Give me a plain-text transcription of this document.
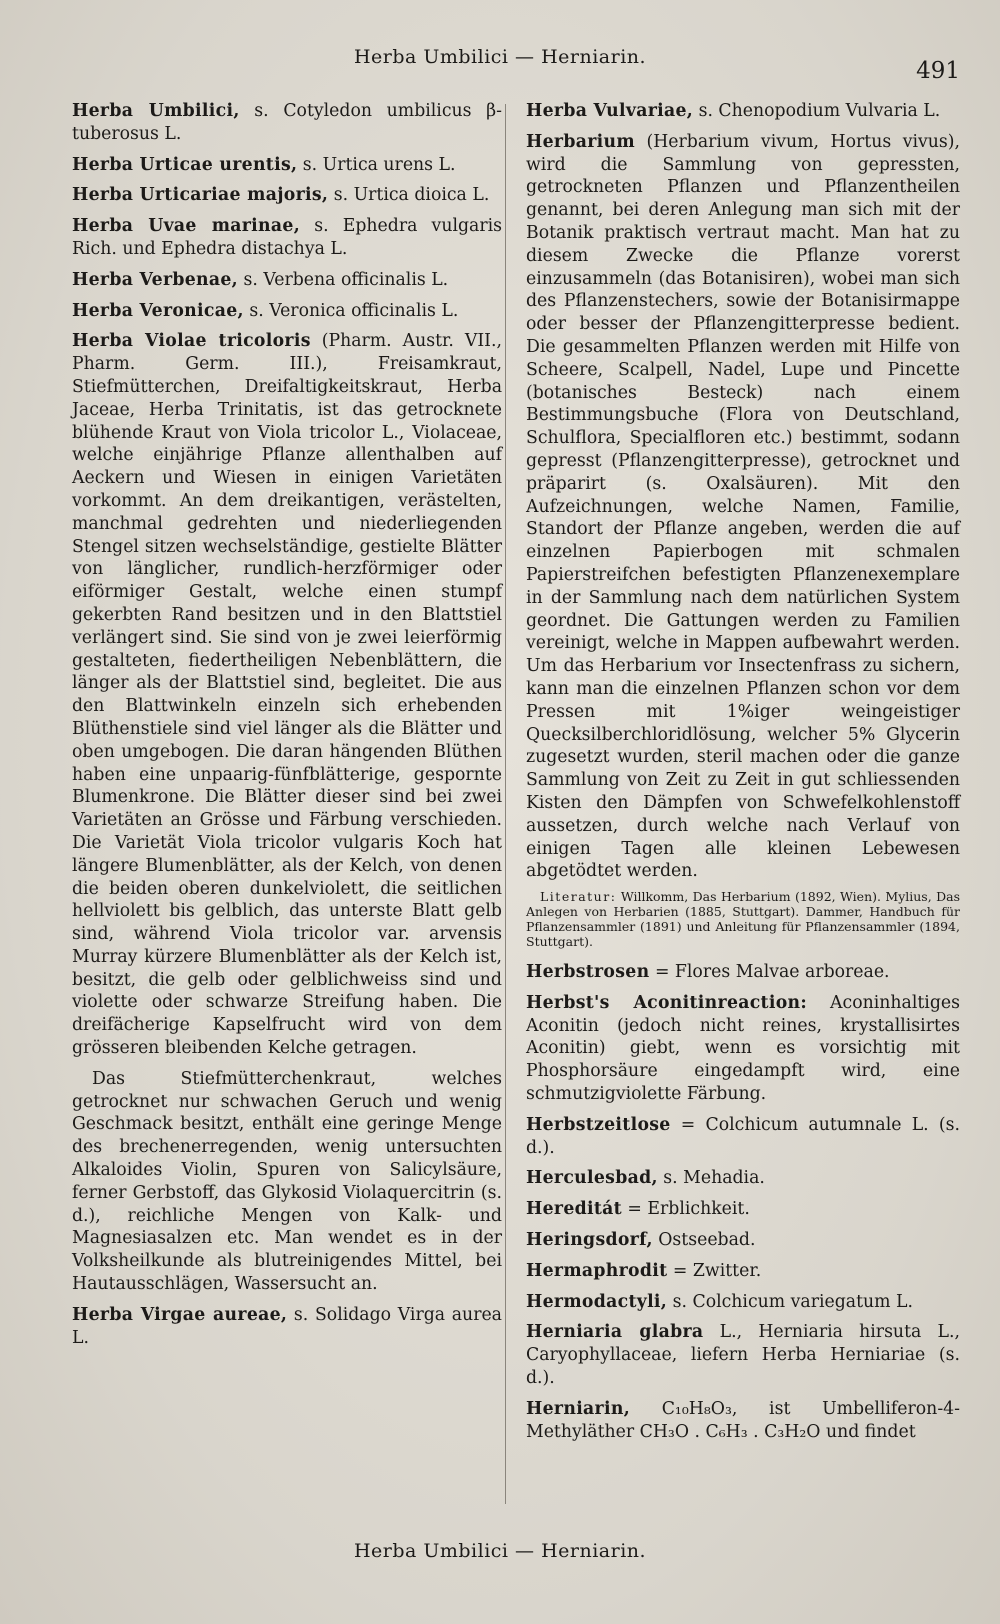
Herba Umbilici — Herniarin.
491

Herba Umbilici, s. Cotyledon umbilicus β-tuberosus L.

Herba Urticae urentis, s. Urtica urens L.

Herba Urticariae majoris, s. Urtica dioica L.

Herba Uvae marinae, s. Ephedra vulgaris Rich. und Ephedra distachya L.

Herba Verbenae, s. Verbena officinalis L.

Herba Veronicae, s. Veronica officinalis L.

Herba Violae tricoloris (Pharm. Austr. VII., Pharm. Germ. III.), Freisamkraut, Stiefmütterchen, Dreifaltigkeitskraut, Herba Jaceae, Herba Trinitatis, ist das getrocknete blühende Kraut von Viola tricolor L., Violaceae, welche einjährige Pflanze allenthalben auf Aeckern und Wiesen in einigen Varietäten vorkommt. An dem dreikantigen, verästelten, manchmal gedrehten und niederliegenden Stengel sitzen wechselständige, gestielte Blätter von länglicher, rundlich-herzförmiger oder eiförmiger Gestalt, welche einen stumpf gekerbten Rand besitzen und in den Blattstiel verlängert sind. Sie sind von je zwei leierförmig gestalteten, fiedertheiligen Nebenblättern, die länger als der Blattstiel sind, begleitet. Die aus den Blattwinkeln einzeln sich erhebenden Blüthenstiele sind viel länger als die Blätter und oben umgebogen. Die daran hängenden Blüthen haben eine unpaarig-fünfblätterige, gespornte Blumenkrone. Die Blätter dieser sind bei zwei Varietäten an Grösse und Färbung verschieden. Die Varietät Viola tricolor vulgaris Koch hat längere Blumenblätter, als der Kelch, von denen die beiden oberen dunkelviolett, die seitlichen hellviolett bis gelblich, das unterste Blatt gelb sind, während Viola tricolor var. arvensis Murray kürzere Blumenblätter als der Kelch ist, besitzt, die gelb oder gelblichweiss sind und violette oder schwarze Streifung haben. Die dreifächerige Kapselfrucht wird von dem grösseren bleibenden Kelche getragen.

Das Stiefmütterchenkraut, welches getrocknet nur schwachen Geruch und wenig Geschmack besitzt, enthält eine geringe Menge des brechenerregenden, wenig untersuchten Alkaloides Violin, Spuren von Salicylsäure, ferner Gerbstoff, das Glykosid Violaquercitrin (s. d.), reichliche Mengen von Kalk- und Magnesiasalzen etc. Man wendet es in der Volksheilkunde als blutreinigendes Mittel, bei Hautausschlägen, Wassersucht an.

Herba Virgae aureae, s. Solidago Virga aurea L.

Herba Vulvariae, s. Chenopodium Vulvaria L.

Herbarium (Herbarium vivum, Hortus vivus), wird die Sammlung von gepressten, getrockneten Pflanzen und Pflanzentheilen genannt, bei deren Anlegung man sich mit der Botanik praktisch vertraut macht. Man hat zu diesem Zwecke die Pflanze vorerst einzusammeln (das Botanisiren), wobei man sich des Pflanzenstechers, sowie der Botanisirmappe oder besser der Pflanzengitterpresse bedient. Die gesammelten Pflanzen werden mit Hilfe von Scheere, Scalpell, Nadel, Lupe und Pincette (botanisches Besteck) nach einem Bestimmungsbuche (Flora von Deutschland, Schulflora, Specialfloren etc.) bestimmt, sodann gepresst (Pflanzengitterpresse), getrocknet und präparirt (s. Oxalsäuren). Mit den Aufzeichnungen, welche Namen, Familie, Standort der Pflanze angeben, werden die auf einzelnen Papierbogen mit schmalen Papierstreifchen befestigten Pflanzenexemplare in der Sammlung nach dem natürlichen System geordnet. Die Gattungen werden zu Familien vereinigt, welche in Mappen aufbewahrt werden. Um das Herbarium vor Insectenfrass zu sichern, kann man die einzelnen Pflanzen schon vor dem Pressen mit 1%iger weingeistiger Quecksilberchloridlösung, welcher 5% Glycerin zugesetzt wurden, steril machen oder die ganze Sammlung von Zeit zu Zeit in gut schliessenden Kisten den Dämpfen von Schwefelkohlenstoff aussetzen, durch welche nach Verlauf von einigen Tagen alle kleinen Lebewesen abgetödtet werden.

Literatur: Willkomm, Das Herbarium (1892, Wien). Mylius, Das Anlegen von Herbarien (1885, Stuttgart). Dammer, Handbuch für Pflanzensammler (1891) und Anleitung für Pflanzensammler (1894, Stuttgart).

Herbstrosen = Flores Malvae arboreae.

Herbst's Aconitinreaction: Aconinhaltiges Aconitin (jedoch nicht reines, krystallisirtes Aconitin) giebt, wenn es vorsichtig mit Phosphorsäure eingedampft wird, eine schmutzigviolette Färbung.

Herbstzeitlose = Colchicum autumnale L. (s. d.).

Herculesbad, s. Mehadia.

Hereditát = Erblichkeit.

Heringsdorf, Ostseebad.

Hermaphrodit = Zwitter.

Hermodactyli, s. Colchicum variegatum L.

Herniaria glabra L., Herniaria hirsuta L., Caryophyllaceae, liefern Herba Herniariae (s. d.).

Herniarin, C₁₀H₈O₃, ist Umbelliferon-4-Methyläther CH₃O . C₆H₃ . C₃H₂O und findet

Herba Umbilici — Herniarin.
